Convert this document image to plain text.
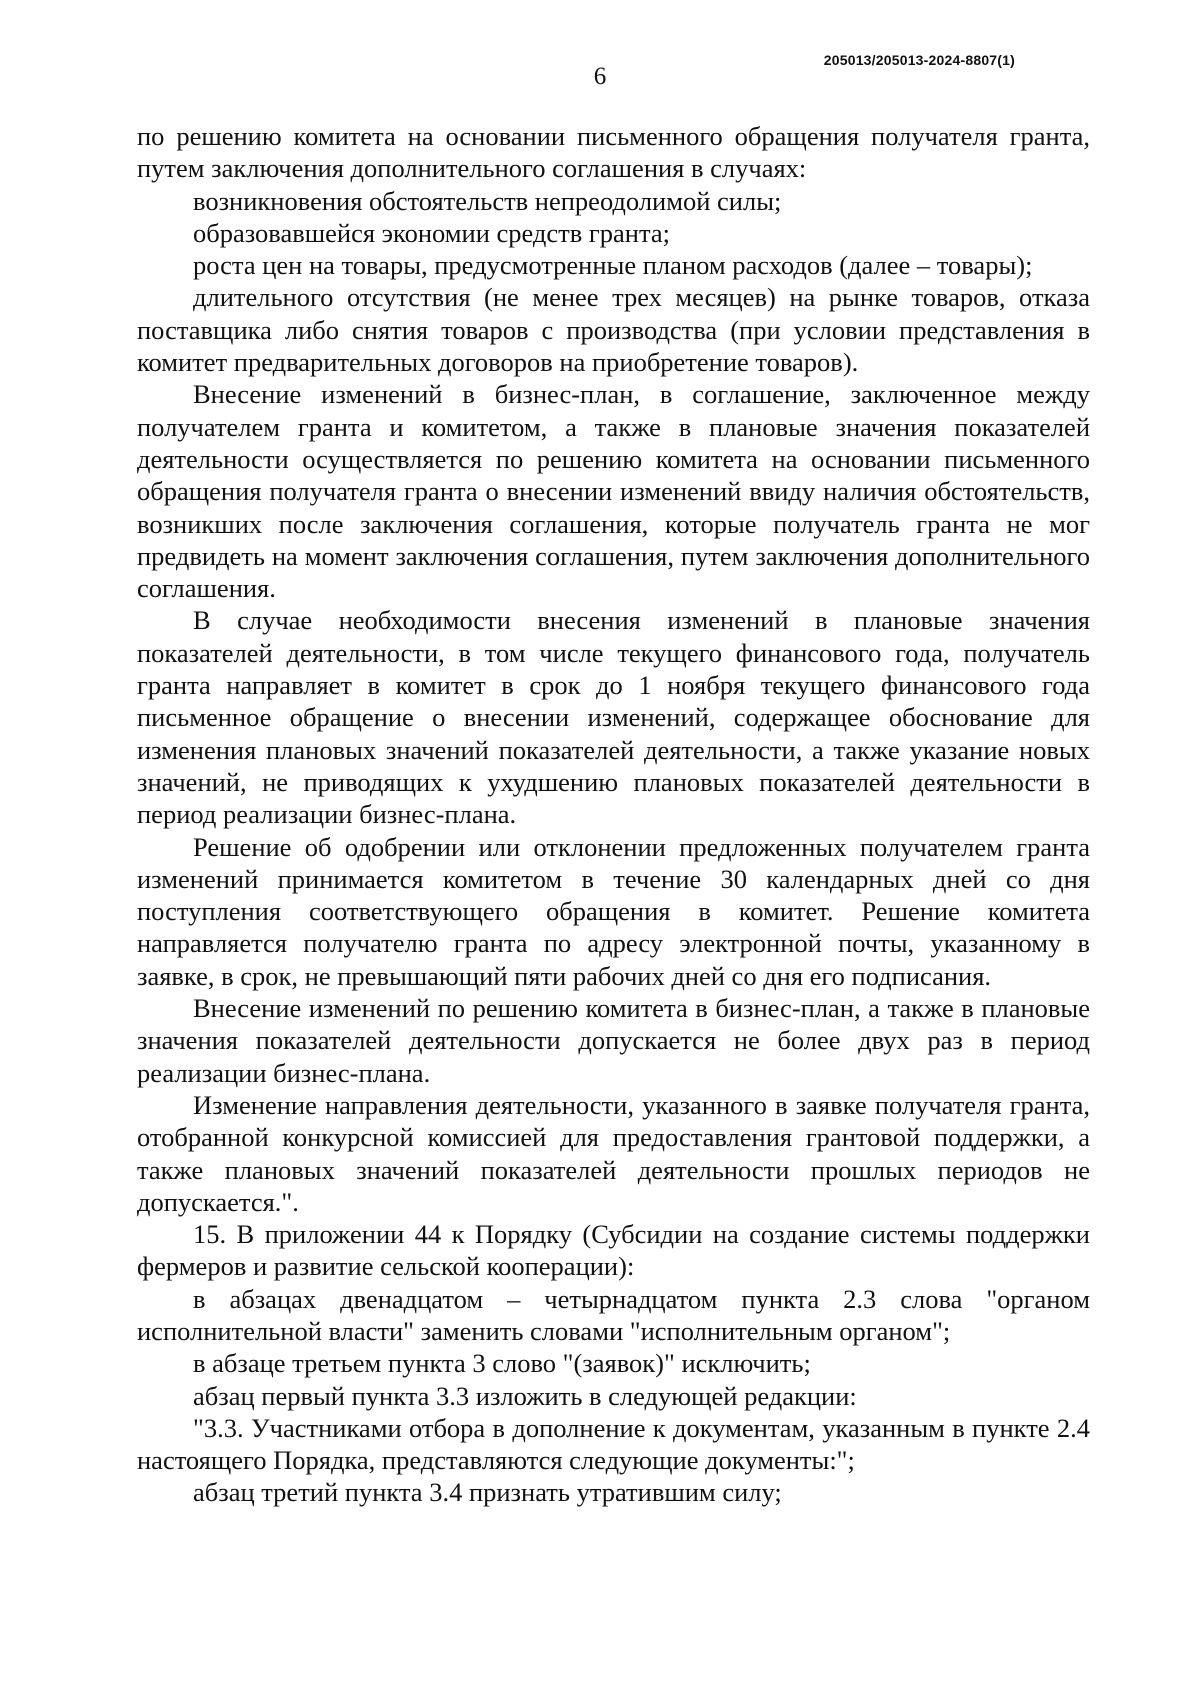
205013/205013-2024-8807(1)
6

по решению комитета на основании письменного обращения получателя гранта, путем заключения дополнительного соглашения в случаях:

возникновения обстоятельств непреодолимой силы;

образовавшейся экономии средств гранта;

роста цен на товары, предусмотренные планом расходов (далее – товары);

длительного отсутствия (не менее трех месяцев) на рынке товаров, отказа поставщика либо снятия товаров с производства (при условии представления в комитет предварительных договоров на приобретение товаров).

Внесение изменений в бизнес-план, в соглашение, заключенное между получателем гранта и комитетом, а также в плановые значения показателей деятельности осуществляется по решению комитета на основании письменного обращения получателя гранта о внесении изменений ввиду наличия обстоятельств, возникших после заключения соглашения, которые получатель гранта не мог предвидеть на момент заключения соглашения, путем заключения дополнительного соглашения.

В случае необходимости внесения изменений в плановые значения показателей деятельности, в том числе текущего финансового года, получатель гранта направляет в комитет в срок до 1 ноября текущего финансового года письменное обращение о внесении изменений, содержащее обоснование для изменения плановых значений показателей деятельности, а также указание новых значений, не приводящих к ухудшению плановых показателей деятельности в период реализации бизнес-плана.

Решение об одобрении или отклонении предложенных получателем гранта изменений принимается комитетом в течение 30 календарных дней со дня поступления соответствующего обращения в комитет. Решение комитета направляется получателю гранта по адресу электронной почты, указанному в заявке, в срок, не превышающий пяти рабочих дней со дня его подписания.

Внесение изменений по решению комитета в бизнес-план, а также в плановые значения показателей деятельности допускается не более двух раз в период реализации бизнес-плана.

Изменение направления деятельности, указанного в заявке получателя гранта, отобранной конкурсной комиссией для предоставления грантовой поддержки, а также плановых значений показателей деятельности прошлых периодов не допускается.".

15. В приложении 44 к Порядку (Субсидии на создание системы поддержки фермеров и развитие сельской кооперации):

в абзацах двенадцатом – четырнадцатом пункта 2.3 слова "органом исполнительной власти" заменить словами "исполнительным органом";

в абзаце третьем пункта 3 слово "(заявок)" исключить;

абзац первый пункта 3.3 изложить в следующей редакции:

"3.3. Участниками отбора в дополнение к документам, указанным в пункте 2.4 настоящего Порядка, представляются следующие документы:";

абзац третий пункта 3.4 признать утратившим силу;
